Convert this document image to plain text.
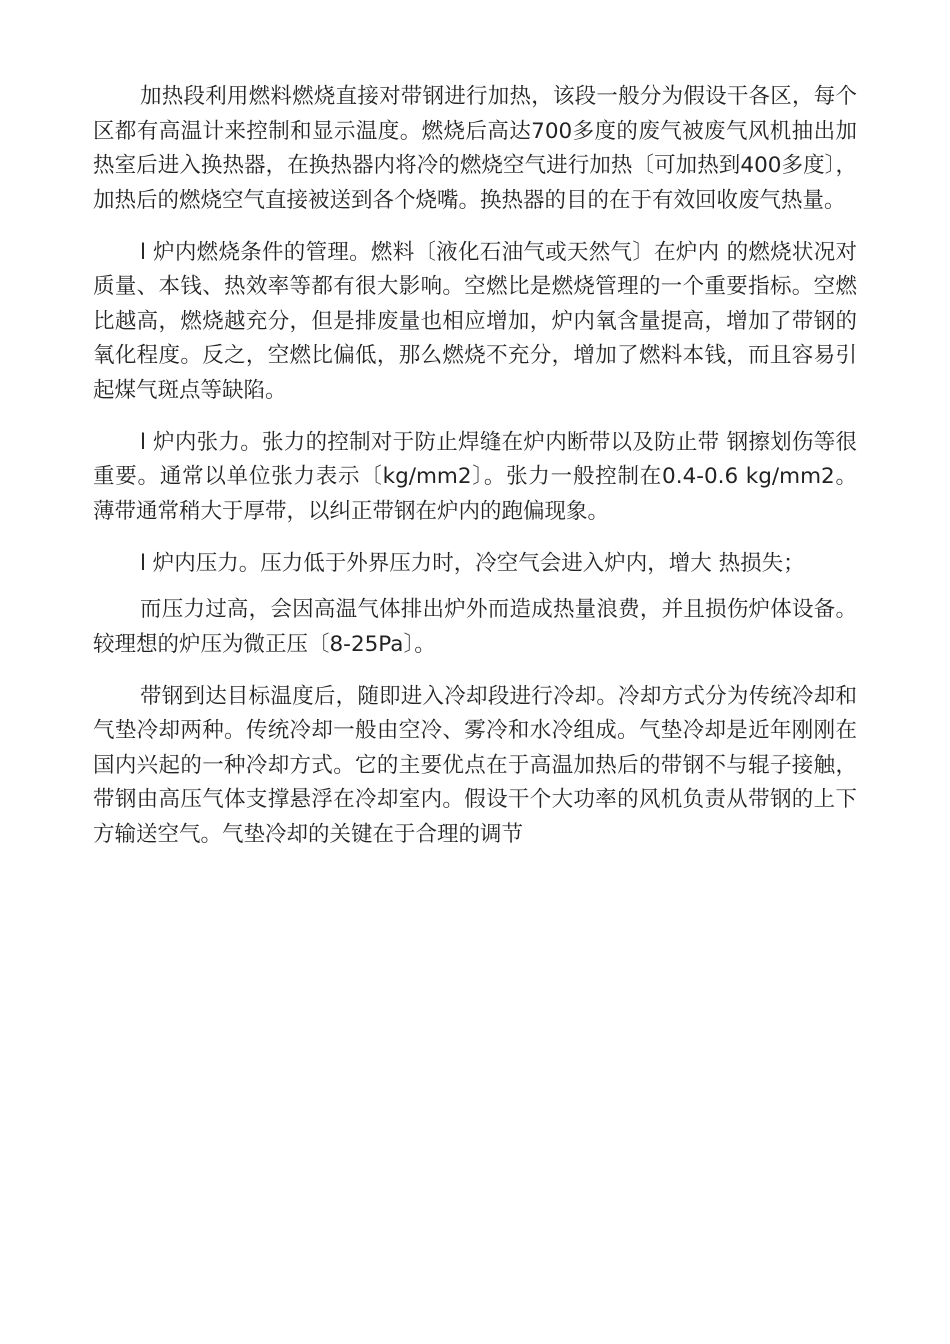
加热段利用燃料燃烧直接对带钢进行加热，该段一般分为假设干各区，每个区都有高温计来控制和显示温度。燃烧后高达700多度的废气被废气风机抽出加热室后进入换热器，在换热器内将冷的燃烧空气进行加热〔可加热到400多度〕，加热后的燃烧空气直接被送到各个烧嘴。换热器的目的在于有效回收废气热量。

l 炉内燃烧条件的管理。燃料〔液化石油气或天然气〕在炉内 的燃烧状况对质量、本钱、热效率等都有很大影响。空燃比是燃烧管理的一个重要指标。空燃比越高，燃烧越充分，但是排废量也相应增加，炉内氧含量提高，增加了带钢的氧化程度。反之，空燃比偏低，那么燃烧不充分，增加了燃料本钱，而且容易引起煤气斑点等缺陷。

l 炉内张力。张力的控制对于防止焊缝在炉内断带以及防止带 钢擦划伤等很重要。通常以单位张力表示〔kg/mm2〕。张力一般控制在0.4-0.6 kg/mm2。薄带通常稍大于厚带，以纠正带钢在炉内的跑偏现象。

l 炉内压力。压力低于外界压力时，冷空气会进入炉内，增大 热损失；

而压力过高，会因高温气体排出炉外而造成热量浪费，并且损伤炉体设备。较理想的炉压为微正压〔8-25Pa〕。

带钢到达目标温度后，随即进入冷却段进行冷却。冷却方式分为传统冷却和气垫冷却两种。传统冷却一般由空冷、雾冷和水冷组成。气垫冷却是近年刚刚在国内兴起的一种冷却方式。它的主要优点在于高温加热后的带钢不与辊子接触，带钢由高压气体支撑悬浮在冷却室内。假设干个大功率的风机负责从带钢的上下方输送空气。气垫冷却的关键在于合理的调节
